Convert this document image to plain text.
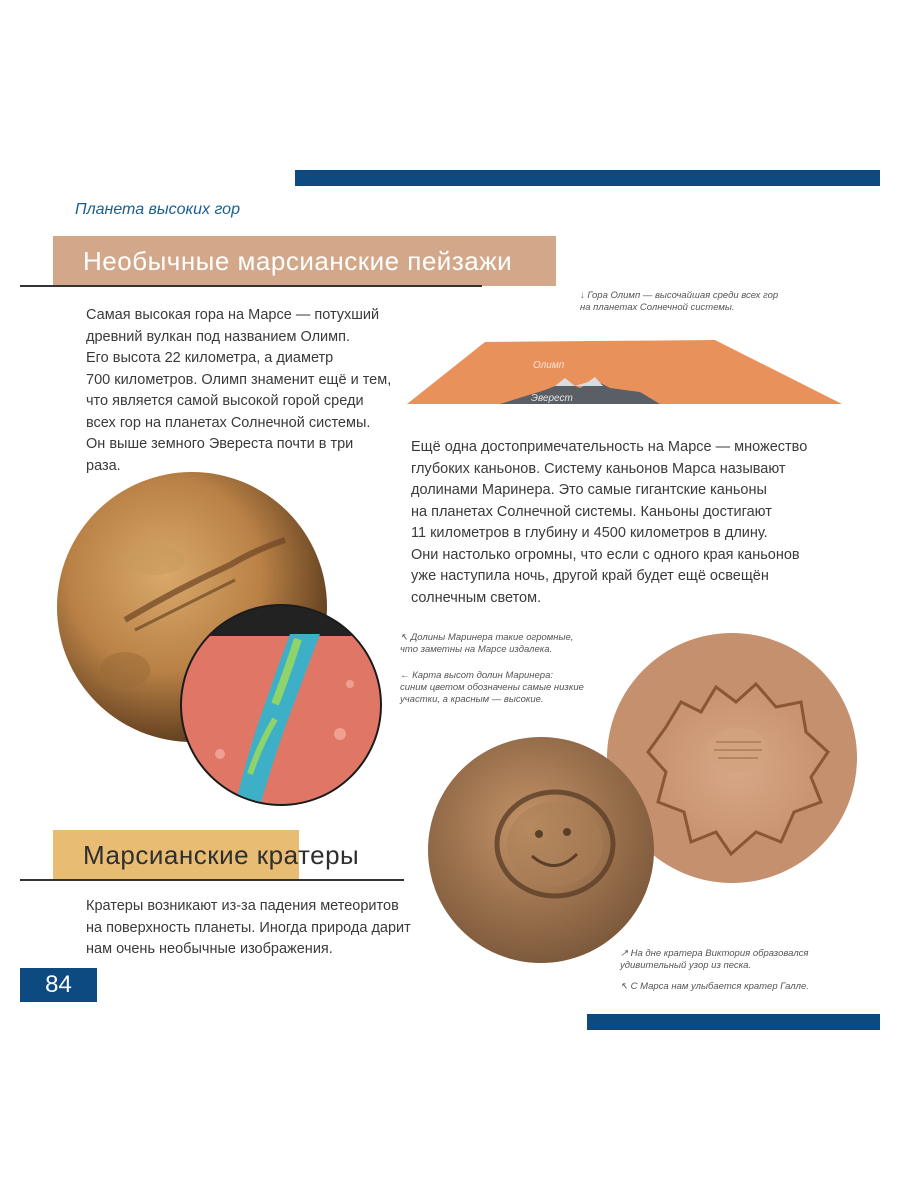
Планета высоких гор
Необычные марсианские пейзажи
Самая высокая гора на Марсе — потухший
древний вулкан под названием Олимп.
Его высота 22 километра, а диаметр
700 километров. Олимп знаменит ещё и тем,
что является самой высокой горой среди
всех гор на планетах Солнечной системы.
Он выше земного Эвереста почти в три
раза.
↓ Гора Олимп — высочайшая среди всех гор
на планетах Солнечной системы.
Олимп
Эверест
Ещё одна достопримечательность на Марсе — множество
глубоких каньонов. Систему каньонов Марса называют
долинами Маринера. Это самые гигантские каньоны
на планетах Солнечной системы. Каньоны достигают
11 километров в глубину и 4500 километров в длину.
Они настолько огромны, что если с одного края каньонов
уже наступила ночь, другой край будет ещё освещён
солнечным светом.
↖ Долины Маринера такие огромные,
что заметны на Марсе издалека.
← Карта высот долин Маринера:
синим цветом обозначены самые низкие
участки, а красным — высокие.
Марсианские кратеры
Кратеры возникают из-за падения метеоритов
на поверхность планеты. Иногда природа дарит
нам очень необычные изображения.	↗ На дне кратера Виктория образовался
удивительный узор из песка.
↖ С Марса нам улыбается кратер Галле.
84
